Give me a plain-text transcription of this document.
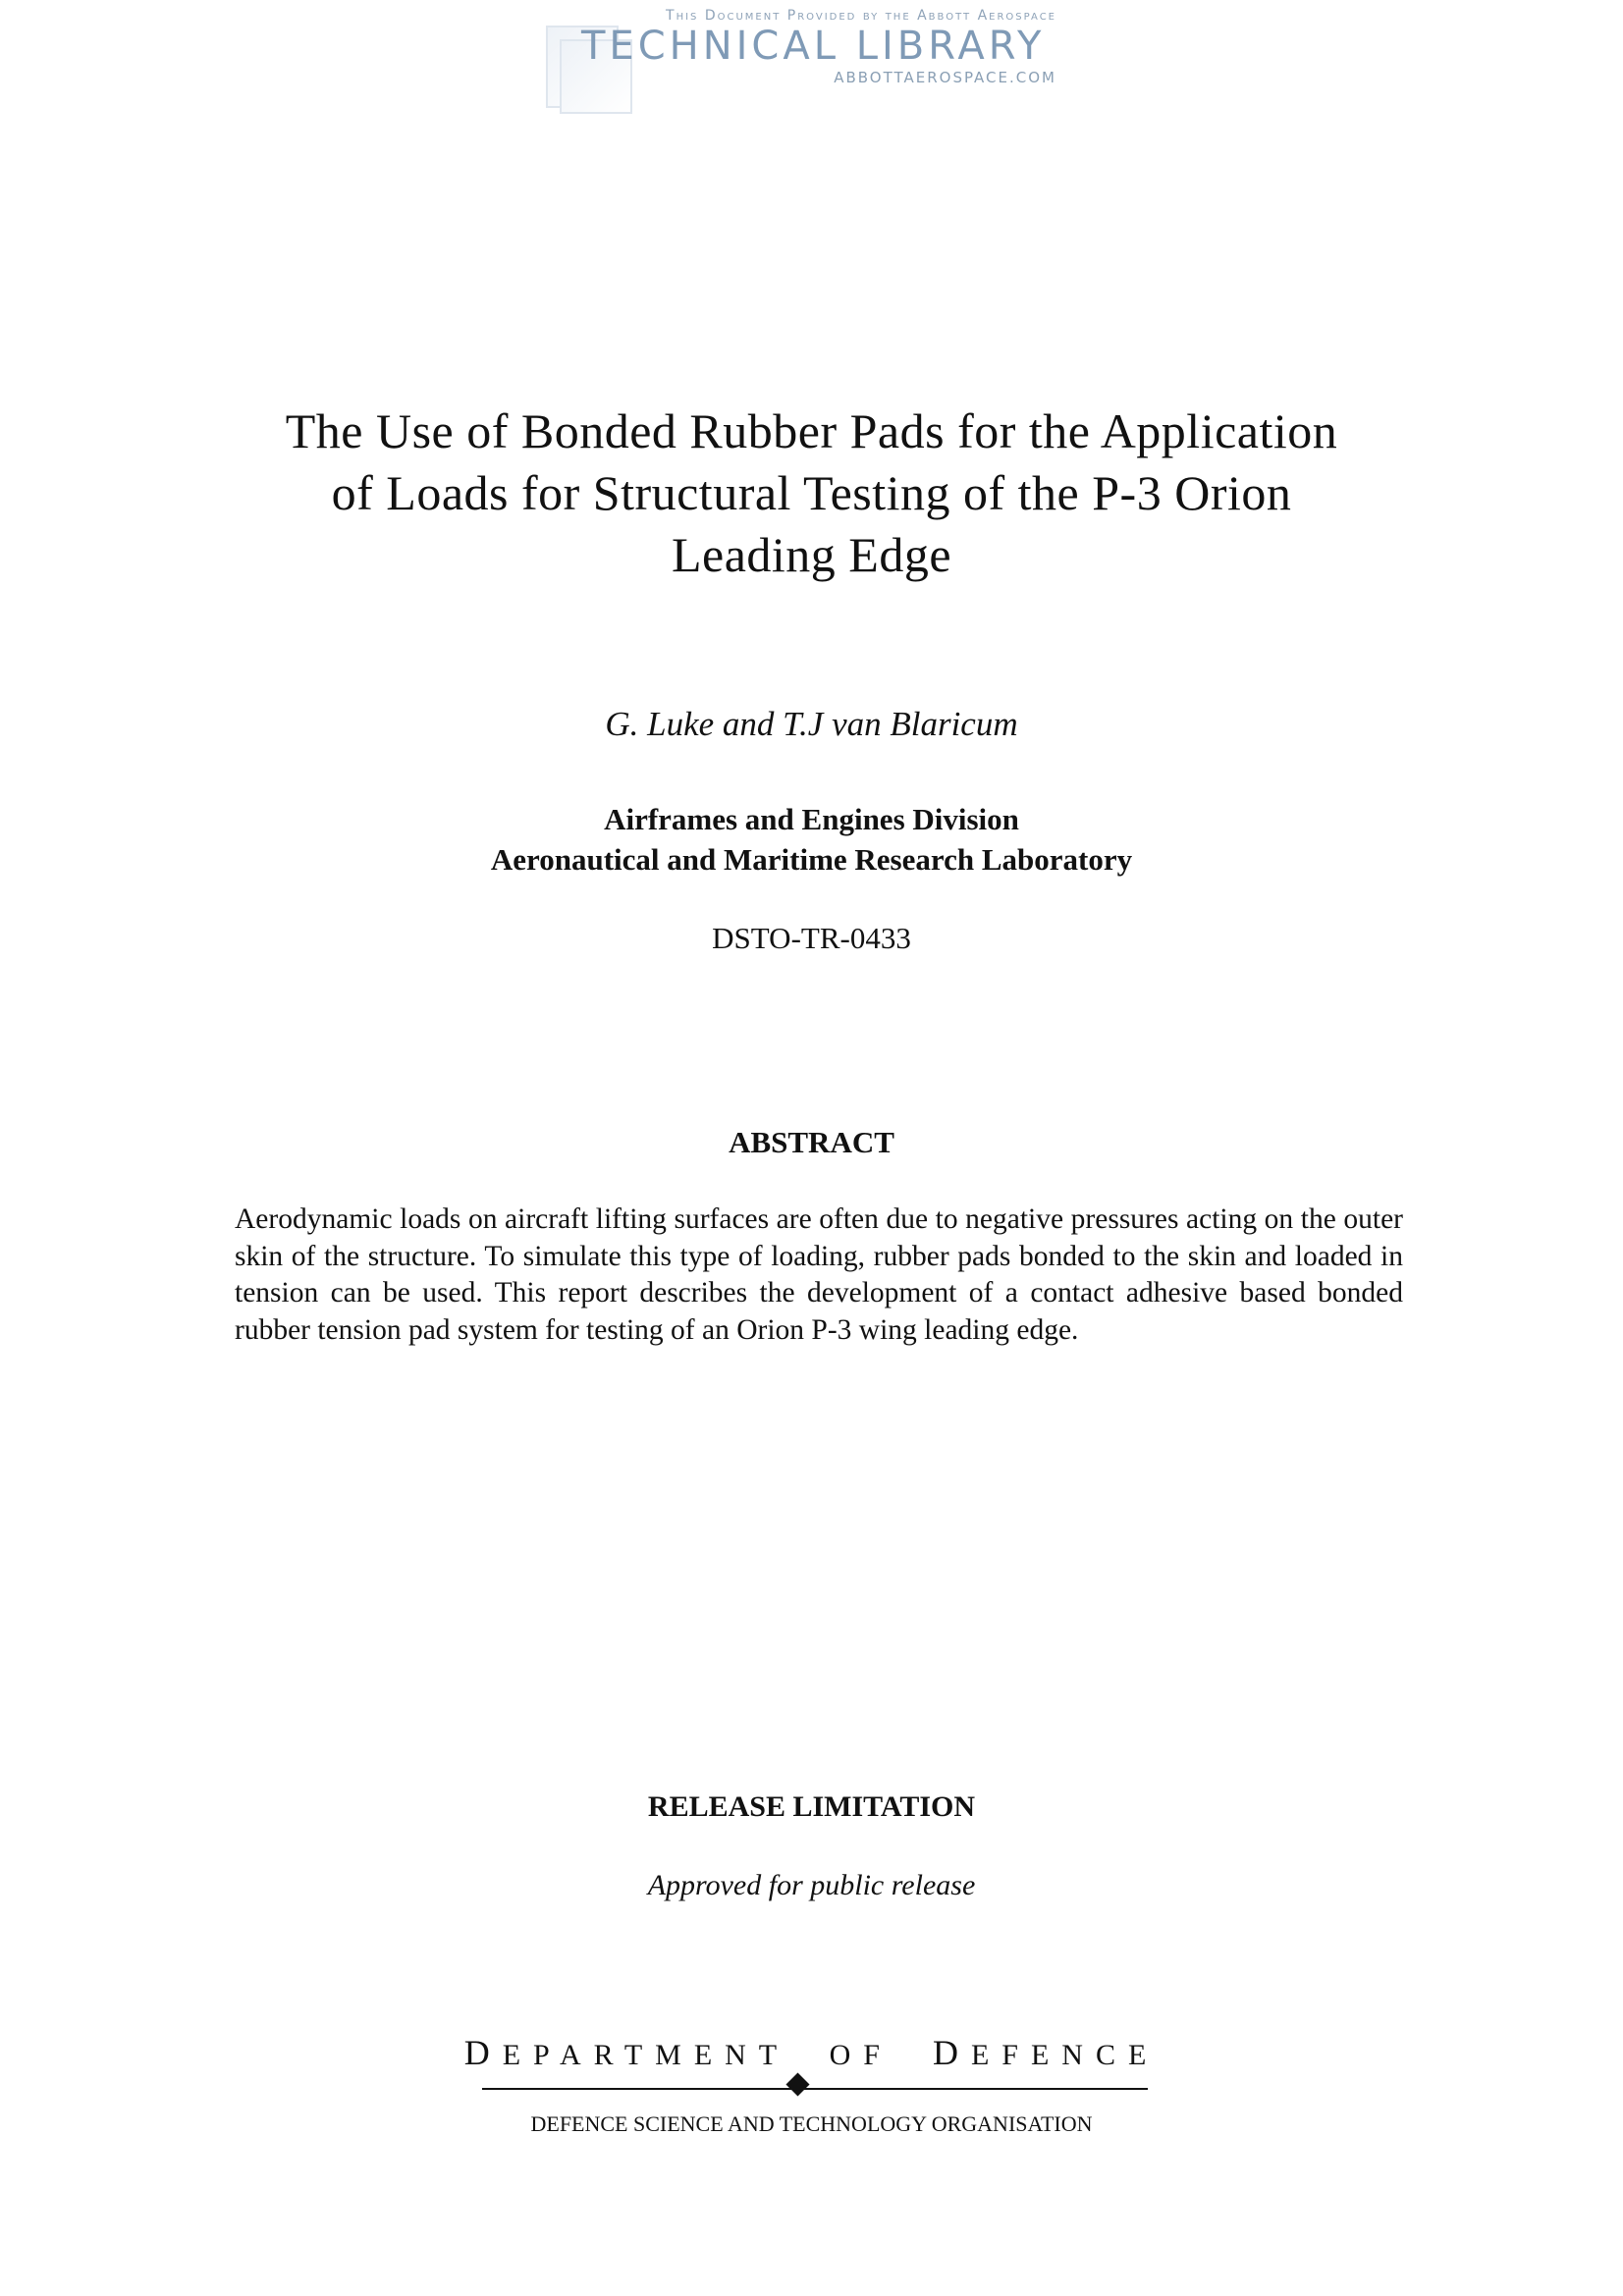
This Document Provided by the Abbott Aerospace
TECHNICAL LIBRARY
ABBOTTAEROSPACE.COM
The Use of Bonded Rubber Pads for the Application
of Loads for Structural Testing of the P-3 Orion
Leading Edge
G. Luke and T.J van Blaricum
Airframes and Engines Division
Aeronautical and Maritime Research Laboratory
DSTO-TR-0433
ABSTRACT
Aerodynamic loads on aircraft lifting surfaces are often due to negative pressures acting on the outer skin of the structure. To simulate this type of loading, rubber pads bonded to the skin and loaded in tension can be used. This report describes the development of a contact adhesive based bonded rubber tension pad system for testing of an Orion P-3 wing leading edge.
RELEASE LIMITATION
Approved for public release
DEPARTMENT OF DEFENCE
DEFENCE SCIENCE AND TECHNOLOGY ORGANISATION
